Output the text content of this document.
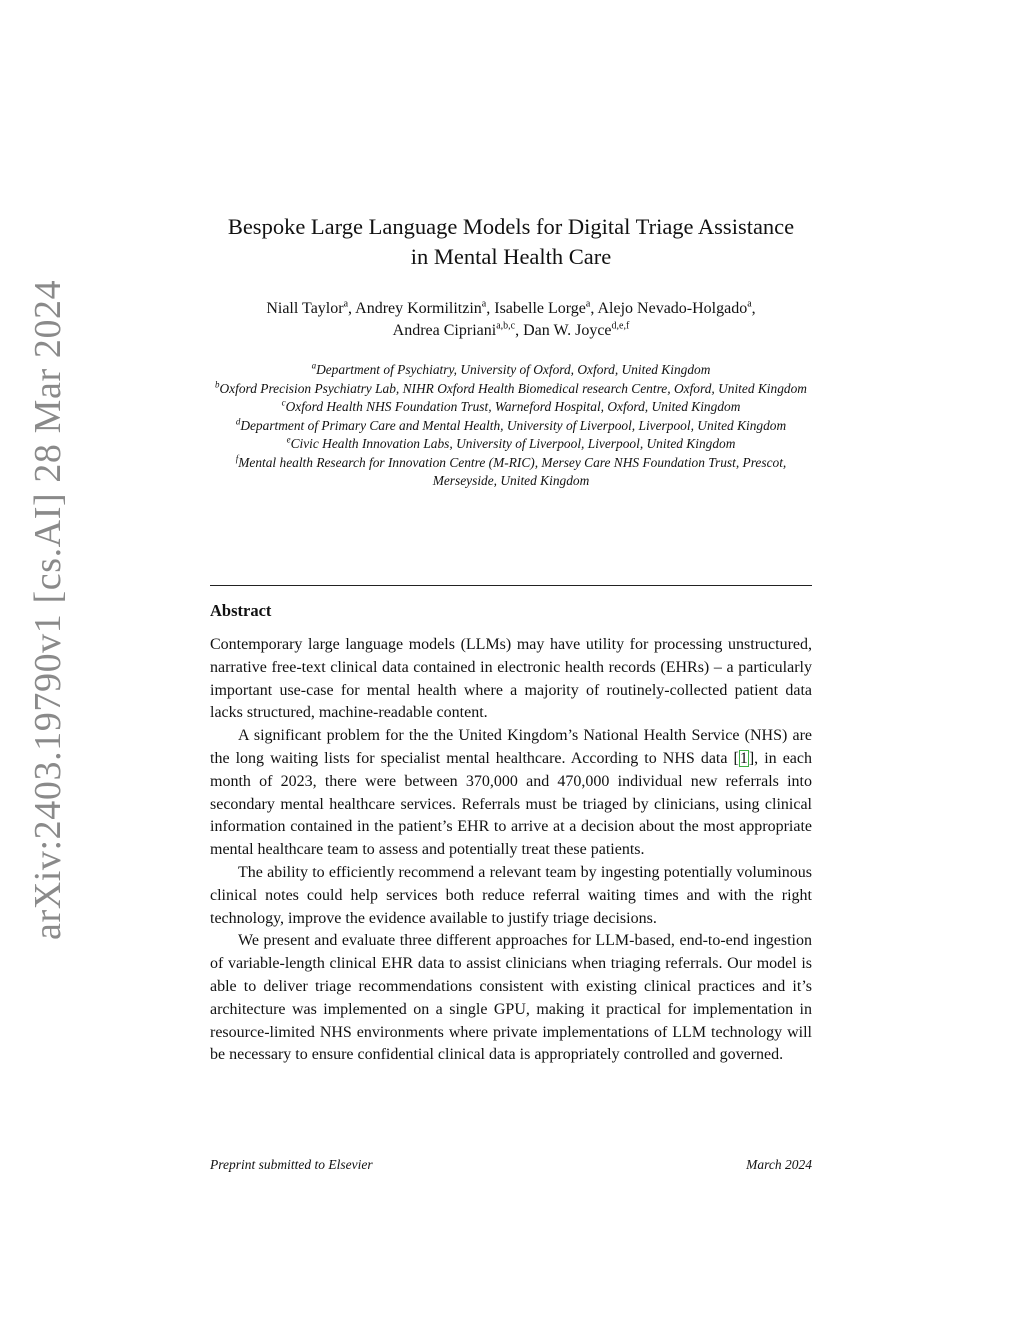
arXiv:2403.19790v1 [cs.AI] 28 Mar 2024
Bespoke Large Language Models for Digital Triage Assistance
in Mental Health Care
Niall Taylor$^a$, Andrey Kormilitzin$^a$, Isabelle Lorge$^a$, Alejo Nevado-Holgado$^a$,
Andrea Cipriani$^{a,b,c}$, Dan W. Joyce$^{d,e,f}$
$^a$Department of Psychiatry, University of Oxford, Oxford, United Kingdom
$^b$Oxford Precision Psychiatry Lab, NIHR Oxford Health Biomedical research Centre, Oxford, United Kingdom
$^c$Oxford Health NHS Foundation Trust, Warneford Hospital, Oxford, United Kingdom
$^d$Department of Primary Care and Mental Health, University of Liverpool, Liverpool, United Kingdom
$^e$Civic Health Innovation Labs, University of Liverpool, Liverpool, United Kingdom
$^f$Mental health Research for Innovation Centre (M-RIC), Mersey Care NHS Foundation Trust, Prescot, Merseyside, United Kingdom
Abstract

Contemporary large language models (LLMs) may have utility for processing unstructured, narrative free-text clinical data contained in electronic health records (EHRs) – a particularly important use-case for mental health where a majority of routinely-collected patient data lacks structured, machine-readable content.

A significant problem for the the United Kingdom’s National Health Service (NHS) are the long waiting lists for specialist mental healthcare. According to NHS data [1], in each month of 2023, there were between 370,000 and 470,000 individual new referrals into secondary mental healthcare services. Referrals must be triaged by clinicians, using clinical information contained in the patient’s EHR to arrive at a decision about the most appropriate mental healthcare team to assess and potentially treat these patients.

The ability to efficiently recommend a relevant team by ingesting potentially voluminous clinical notes could help services both reduce referral waiting times and with the right technology, improve the evidence available to justify triage decisions.

We present and evaluate three different approaches for LLM-based, end-to-end ingestion of variable-length clinical EHR data to assist clinicians when triaging referrals. Our model is able to deliver triage recommendations consistent with existing clinical practices and it’s architecture was implemented on a single GPU, making it practical for implementation in resource-limited NHS environments where private implementations of LLM technology will be necessary to ensure confidential clinical data is appropriately controlled and governed.

Preprint submitted to Elsevier	March 2024
